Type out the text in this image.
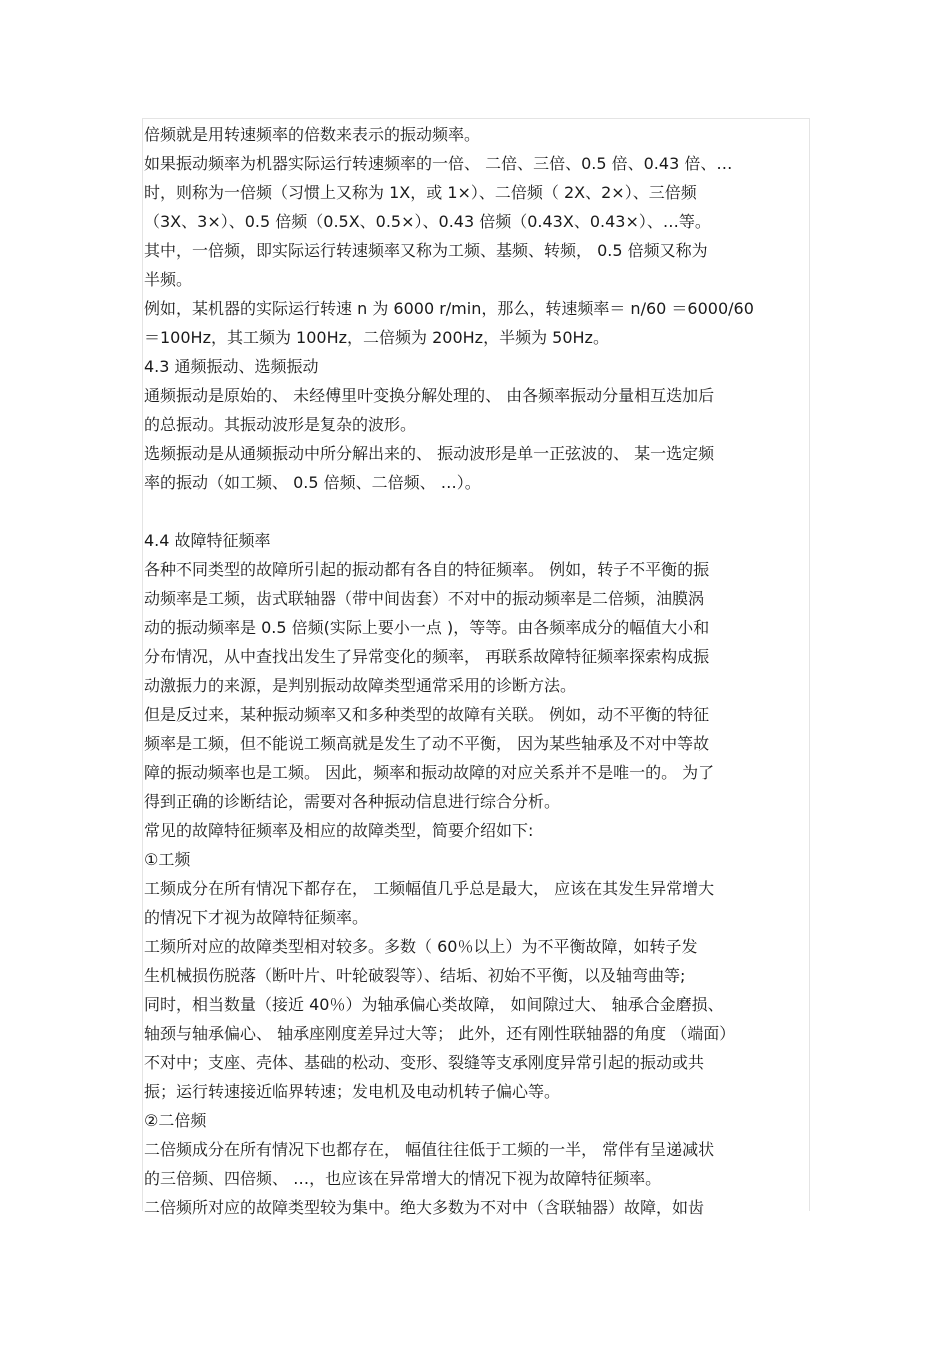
倍频就是用转速频率的倍数来表示的振动频率。
如果振动频率为机器实际运行转速频率的一倍、 二倍、三倍、0.5 倍、0.43 倍、…
时，则称为一倍频（习惯上又称为 1X，或 1×）、二倍频（ 2X、2×）、三倍频
（3X、3×）、0.5 倍频（0.5X、0.5×）、0.43 倍频（0.43X、0.43×）、…等。
其中，一倍频，即实际运行转速频率又称为工频、基频、转频， 0.5 倍频又称为
半频。
例如，某机器的实际运行转速 n 为 6000 r/min，那么，转速频率＝ n/60 ＝6000/60
＝100Hz，其工频为 100Hz，二倍频为 200Hz，半频为 50Hz。
4.3 通频振动、选频振动
通频振动是原始的、 未经傅里叶变换分解处理的、 由各频率振动分量相互迭加后
的总振动。其振动波形是复杂的波形。
选频振动是从通频振动中所分解出来的、 振动波形是单一正弦波的、 某一选定频
率的振动（如工频、 0.5 倍频、二倍频、 …）。
4.4 故障特征频率
各种不同类型的故障所引起的振动都有各自的特征频率。 例如，转子不平衡的振
动频率是工频，齿式联轴器（带中间齿套）不对中的振动频率是二倍频，油膜涡
动的振动频率是 0.5 倍频(实际上要小一点 )，等等。由各频率成分的幅值大小和
分布情况，从中查找出发生了异常变化的频率， 再联系故障特征频率探索构成振
动激振力的来源，是判别振动故障类型通常采用的诊断方法。
但是反过来，某种振动频率又和多种类型的故障有关联。 例如，动不平衡的特征
频率是工频，但不能说工频高就是发生了动不平衡， 因为某些轴承及不对中等故
障的振动频率也是工频。 因此，频率和振动故障的对应关系并不是唯一的。 为了
得到正确的诊断结论，需要对各种振动信息进行综合分析。
常见的故障特征频率及相应的故障类型，简要介绍如下:
①工频
工频成分在所有情况下都存在， 工频幅值几乎总是最大， 应该在其发生异常增大
的情况下才视为故障特征频率。
工频所对应的故障类型相对较多。多数（ 60％以上）为不平衡故障，如转子发
生机械损伤脱落（断叶片、叶轮破裂等）、结垢、初始不平衡，以及轴弯曲等;
同时，相当数量（接近 40％）为轴承偏心类故障， 如间隙过大、 轴承合金磨损、
轴颈与轴承偏心、 轴承座刚度差异过大等； 此外，还有刚性联轴器的角度 （端面）
不对中；支座、壳体、基础的松动、变形、裂缝等支承刚度异常引起的振动或共
振；运行转速接近临界转速；发电机及电动机转子偏心等。
②二倍频
二倍频成分在所有情况下也都存在， 幅值往往低于工频的一半， 常伴有呈递减状
的三倍频、四倍频、 …，也应该在异常增大的情况下视为故障特征频率。
二倍频所对应的故障类型较为集中。绝大多数为不对中（含联轴器）故障，如齿
